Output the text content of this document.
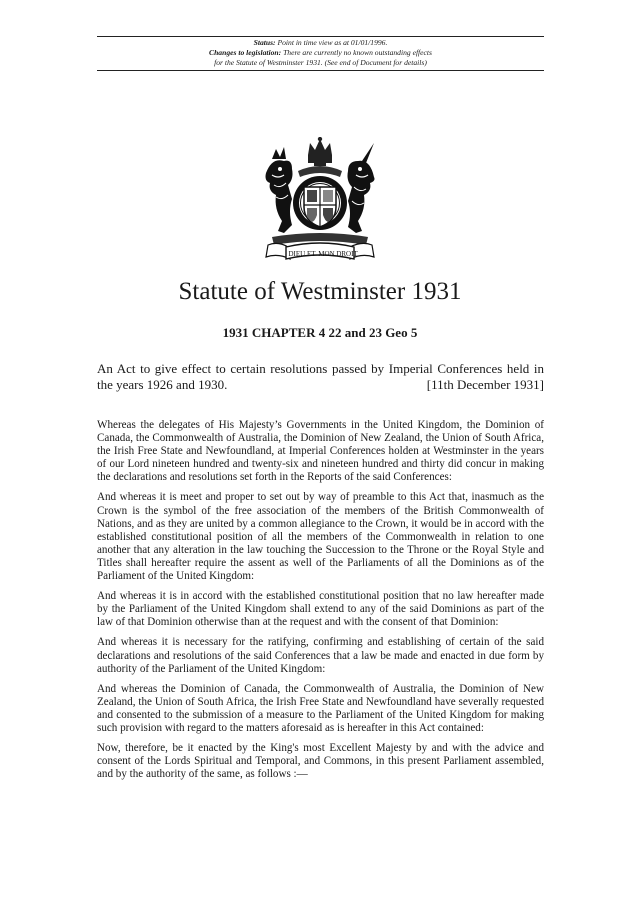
Status: Point in time view as at 01/01/1996.
Changes to legislation: There are currently no known outstanding effects
for the Statute of Westminster 1931. (See end of Document for details)
DIEU ET MON DROIT
Statute of Westminster 1931
1931 CHAPTER 4 22 and 23 Geo 5
An Act to give effect to certain resolutions passed by Imperial Conferences held in the years 1926 and 1930.	[11th December 1931]

Whereas the delegates of His Majesty’s Governments in the United Kingdom, the Dominion of Canada, the Commonwealth of Australia, the Dominion of New Zealand, the Union of South Africa, the Irish Free State and Newfoundland, at Imperial Conferences holden at Westminster in the years of our Lord nineteen hundred and twenty-six and nineteen hundred and thirty did concur in making the declarations and resolutions set forth in the Reports of the said Conferences:

And whereas it is meet and proper to set out by way of preamble to this Act that, inasmuch as the Crown is the symbol of the free association of the members of the British Commonwealth of Nations, and as they are united by a common allegiance to the Crown, it would be in accord with the established constitutional position of all the members of the Commonwealth in relation to one another that any alteration in the law touching the Succession to the Throne or the Royal Style and Titles shall hereafter require the assent as well of the Parliaments of all the Dominions as of the Parliament of the United Kingdom:

And whereas it is in accord with the established constitutional position that no law hereafter made by the Parliament of the United Kingdom shall extend to any of the said Dominions as part of the law of that Dominion otherwise than at the request and with the consent of that Dominion:

And whereas it is necessary for the ratifying, confirming and establishing of certain of the said declarations and resolutions of the said Conferences that a law be made and enacted in due form by authority of the Parliament of the United Kingdom:

And whereas the Dominion of Canada, the Commonwealth of Australia, the Dominion of New Zealand, the Union of South Africa, the Irish Free State and Newfoundland have severally requested and consented to the submission of a measure to the Parliament of the United Kingdom for making such provision with regard to the matters aforesaid as is hereafter in this Act contained:

Now, therefore, be it enacted by the King's most Excellent Majesty by and with the advice and consent of the Lords Spiritual and Temporal, and Commons, in this present Parliament assembled, and by the authority of the same, as follows :—
